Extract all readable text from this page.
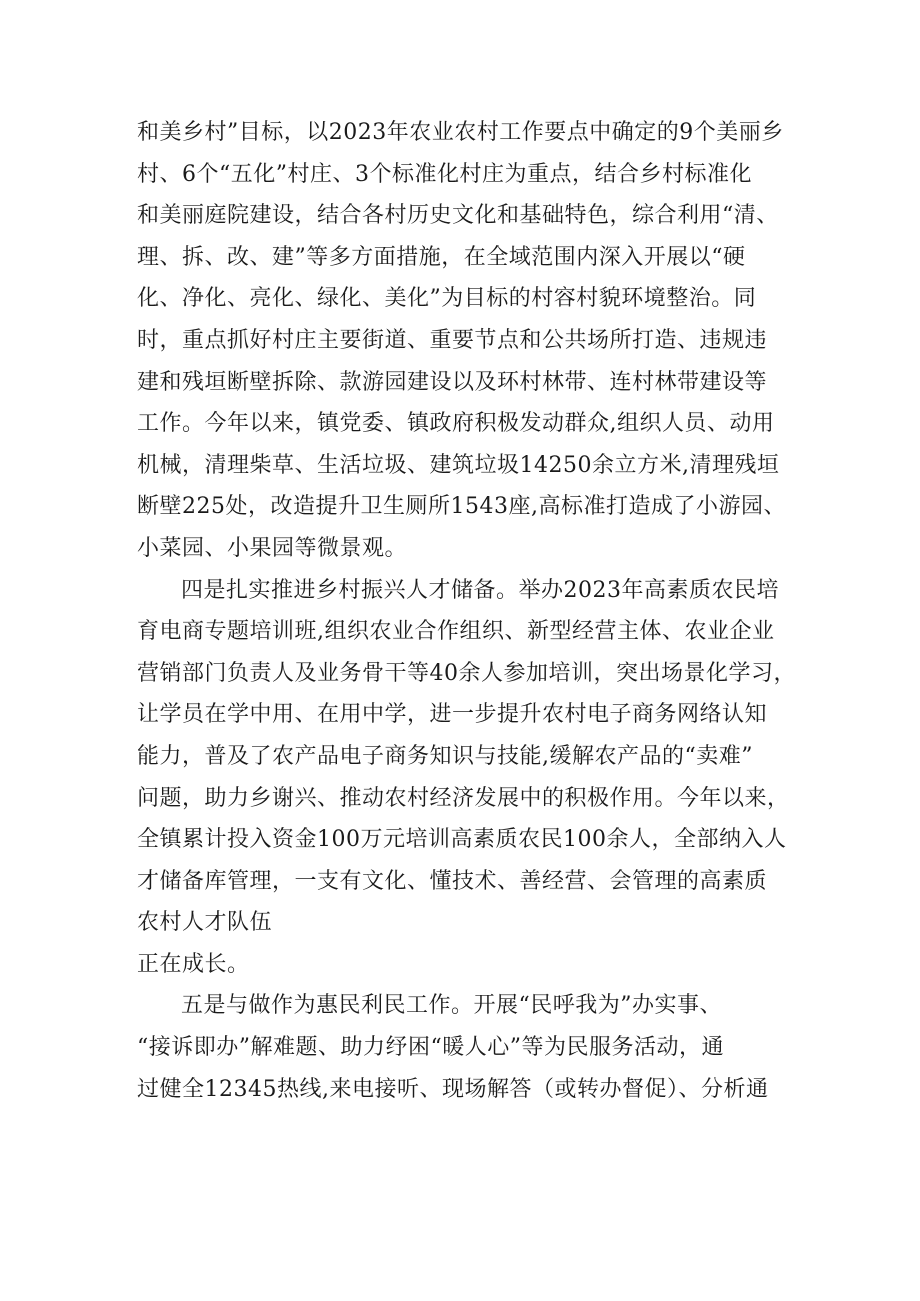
和美乡村”目标，以2023年农业农村工作要点中确定的9个美丽乡
村、6个“五化”村庄、3个标准化村庄为重点，结合乡村标准化
和美丽庭院建设，结合各村历史文化和基础特色，综合利用“清、
理、拆、改、建”等多方面措施，在全域范围内深入开展以“硬
化、净化、亮化、绿化、美化”为目标的村容村貌环境整治。同
时，重点抓好村庄主要街道、重要节点和公共场所打造、违规违
建和残垣断壁拆除、款游园建设以及环村林带、连村林带建设等
工作。今年以来，镇党委、镇政府积极发动群众,组织人员、动用
机械，清理柴草、生活垃圾、建筑垃圾14250余立方米,清理残垣
断壁225处，改造提升卫生厕所1543座,高标准打造成了小游园、
小菜园、小果园等微景观。
四是扎实推进乡村振兴人才储备。举办2023年高素质农民培
育电商专题培训班,组织农业合作组织、新型经营主体、农业企业
营销部门负责人及业务骨干等40余人参加培训，突出场景化学习，
让学员在学中用、在用中学，进一步提升农村电子商务网络认知
能力，普及了农产品电子商务知识与技能,缓解农产品的“卖难”
问题，助力乡谢兴、推动农村经济发展中的积极作用。今年以来，
全镇累计投入资金100万元培训高素质农民100余人，全部纳入人
才储备库管理，一支有文化、懂技术、善经营、会管理的高素质
农村人才队伍
正在成长。
五是与做作为惠民利民工作。开展“民呼我为”办实事、
“接诉即办”解难题、助力纾困“暖人心”等为民服务活动，通
过健全12345热线,来电接听、现场解答（或转办督促）、分析通
